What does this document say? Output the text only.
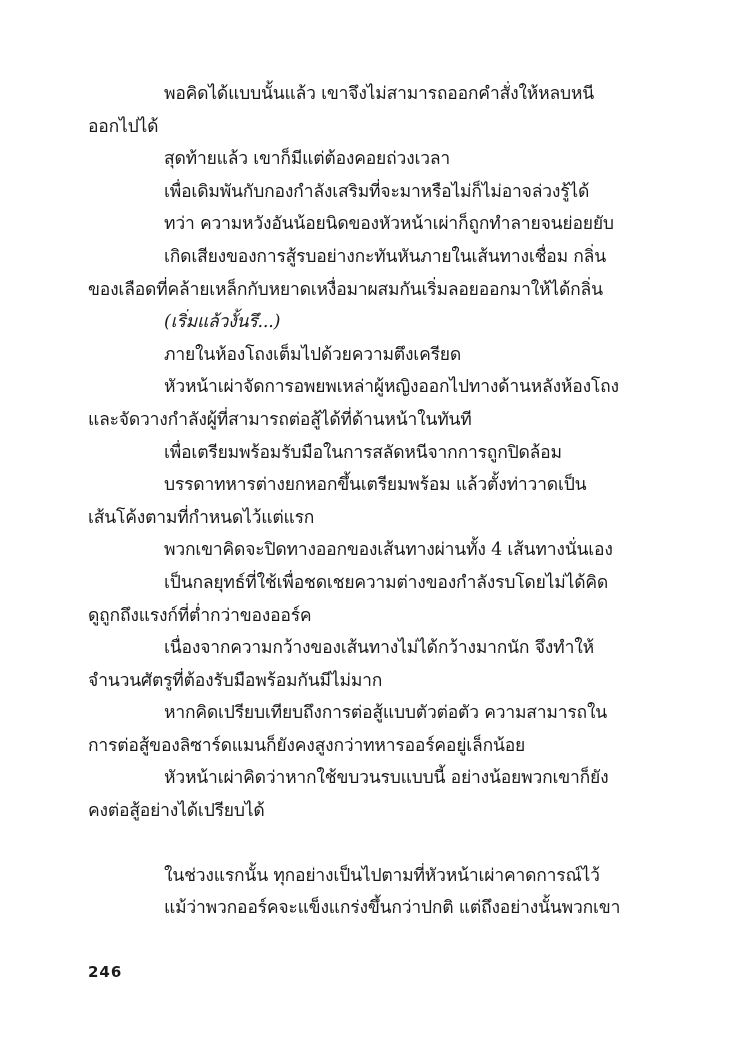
พอคิดได้แบบนั้นแล้ว เขาจึงไม่สามารถออกคำสั่งให้หลบหนี
ออกไปได้
สุดท้ายแล้ว เขาก็มีแต่ต้องคอยถ่วงเวลา
เพื่อเดิมพันกับกองกำลังเสริมที่จะมาหรือไม่ก็ไม่อาจล่วงรู้ได้
ทว่า ความหวังอันน้อยนิดของหัวหน้าเผ่าก็ถูกทำลายจนย่อยยับ
เกิดเสียงของการสู้รบอย่างกะทันหันภายในเส้นทางเชื่อม กลิ่น
ของเลือดที่คล้ายเหล็กกับหยาดเหงื่อมาผสมกันเริ่มลอยออกมาให้ได้กลิ่น
(เริ่มแล้วงั้นรึ...)
ภายในห้องโถงเต็มไปด้วยความตึงเครียด
หัวหน้าเผ่าจัดการอพยพเหล่าผู้หญิงออกไปทางด้านหลังห้องโถง
และจัดวางกำลังผู้ที่สามารถต่อสู้ได้ที่ด้านหน้าในทันที
เพื่อเตรียมพร้อมรับมือในการสลัดหนีจากการถูกปิดล้อม
บรรดาทหารต่างยกหอกขึ้นเตรียมพร้อม แล้วตั้งท่าวาดเป็น
เส้นโค้งตามที่กำหนดไว้แต่แรก
พวกเขาคิดจะปิดทางออกของเส้นทางผ่านทั้ง 4 เส้นทางนั่นเอง
เป็นกลยุทธ์ที่ใช้เพื่อชดเชยความต่างของกำลังรบโดยไม่ได้คิด
ดูถูกถึงแรงก์ที่ต่ำกว่าของออร์ค
เนื่องจากความกว้างของเส้นทางไม่ได้กว้างมากนัก จึงทำให้
จำนวนศัตรูที่ต้องรับมือพร้อมกันมีไม่มาก
หากคิดเปรียบเทียบถึงการต่อสู้แบบตัวต่อตัว ความสามารถใน
การต่อสู้ของลิซาร์ดแมนก็ยังคงสูงกว่าทหารออร์คอยู่เล็กน้อย
หัวหน้าเผ่าคิดว่าหากใช้ขบวนรบแบบนี้ อย่างน้อยพวกเขาก็ยัง
คงต่อสู้อย่างได้เปรียบได้
ในช่วงแรกนั้น ทุกอย่างเป็นไปตามที่หัวหน้าเผ่าคาดการณ์ไว้
แม้ว่าพวกออร์คจะแข็งแกร่งขึ้นกว่าปกติ แต่ถึงอย่างนั้นพวกเขา
246
